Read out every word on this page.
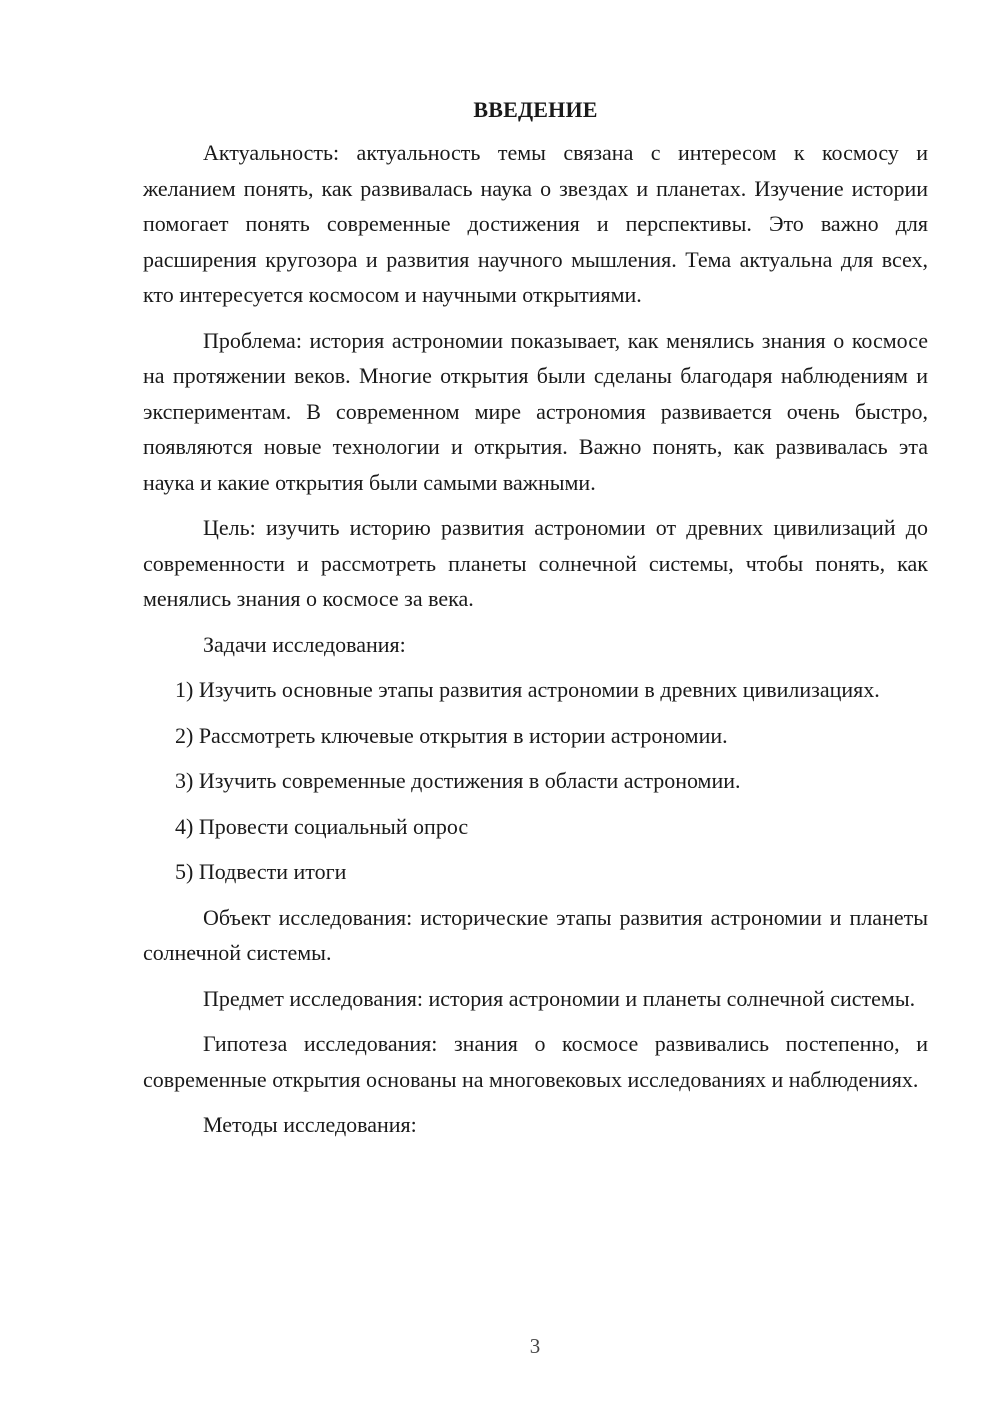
ВВЕДЕНИЕ

Актуальность: актуальность темы связана с интересом к космосу и желанием понять, как развивалась наука о звездах и планетах. Изучение истории помогает понять современные достижения и перспективы. Это важно для расширения кругозора и развития научного мышления. Тема актуальна для всех, кто интересуется космосом и научными открытиями.

Проблема: история астрономии показывает, как менялись знания о космосе на протяжении веков. Многие открытия были сделаны благодаря наблюдениям и экспериментам. В современном мире астрономия развивается очень быстро, появляются новые технологии и открытия. Важно понять, как развивалась эта наука и какие открытия были самыми важными.

Цель: изучить историю развития астрономии от древних цивилизаций до современности и рассмотреть планеты солнечной системы, чтобы понять, как менялись знания о космосе за века.

Задачи исследования:

1) Изучить основные этапы развития астрономии в древних цивилизациях.

2) Рассмотреть ключевые открытия в истории астрономии.

3) Изучить современные достижения в области астрономии.

4) Провести социальный опрос

5) Подвести итоги

Объект исследования: исторические этапы развития астрономии и планеты солнечной системы.

Предмет исследования: история астрономии и планеты солнечной системы.

Гипотеза исследования: знания о космосе развивались постепенно, и современные открытия основаны на многовековых исследованиях и наблюдениях.

Методы исследования:

3
